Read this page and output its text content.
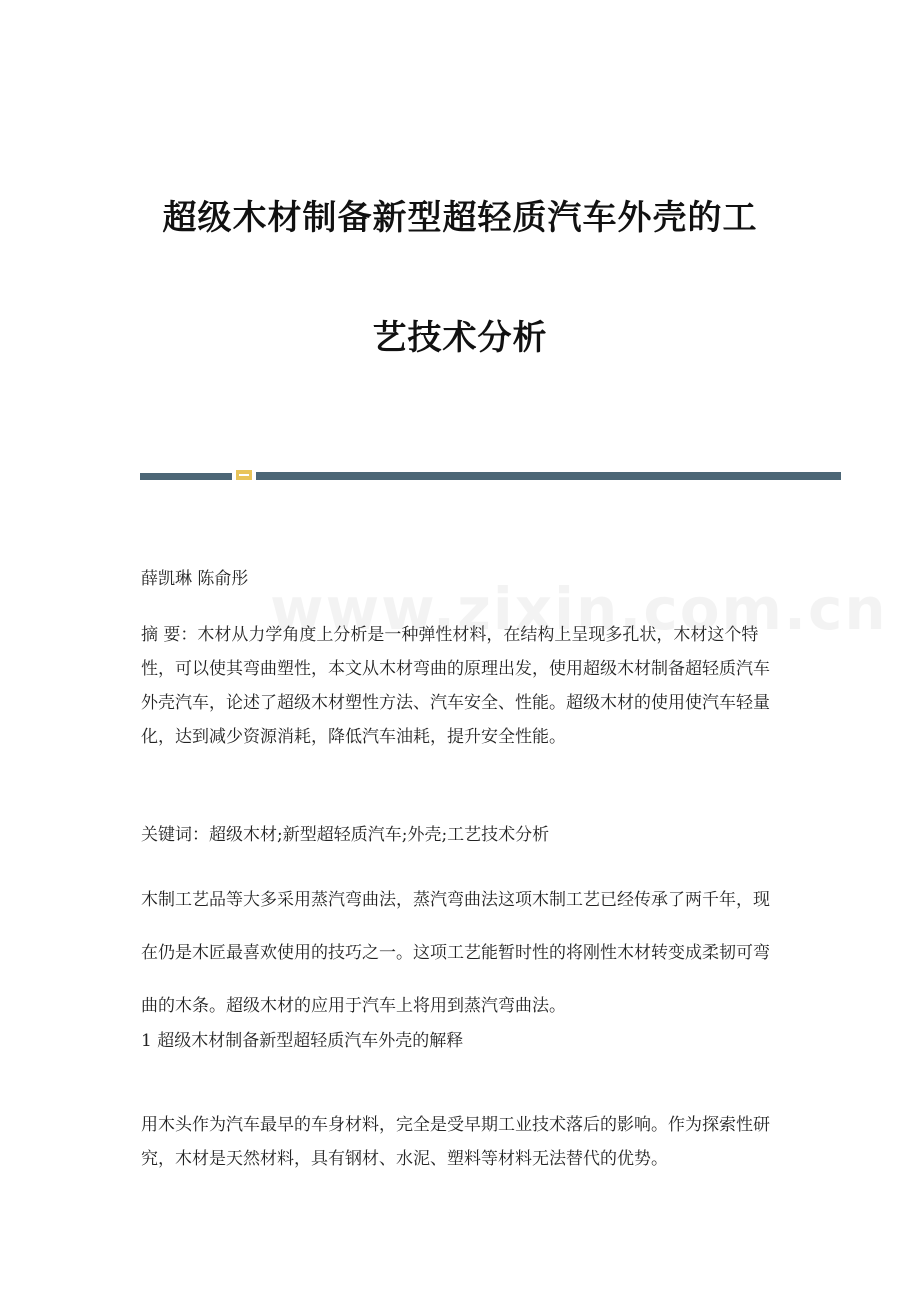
超级木材制备新型超轻质汽车外壳的工
艺技术分析

薛凯琳 陈俞彤

摘 要：木材从力学角度上分析是一种弹性材料，在结构上呈现多孔状，木材这个特性，可以使其弯曲塑性，本文从木材弯曲的原理出发，使用超级木材制备超轻质汽车外壳汽车，论述了超级木材塑性方法、汽车安全、性能。超级木材的使用使汽车轻量化，达到减少资源消耗，降低汽车油耗，提升安全性能。

关键词：超级木材;新型超轻质汽车;外壳;工艺技术分析

木制工艺品等大多采用蒸汽弯曲法，蒸汽弯曲法这项木制工艺已经传承了两千年，现在仍是木匠最喜欢使用的技巧之一。这项工艺能暂时性的将刚性木材转变成柔韧可弯曲的木条。超级木材的应用于汽车上将用到蒸汽弯曲法。

1 超级木材制备新型超轻质汽车外壳的解释

用木头作为汽车最早的车身材料，完全是受早期工业技术落后的影响。作为探索性研究，木材是天然材料，具有钢材、水泥、塑料等材料无法替代的优势。
